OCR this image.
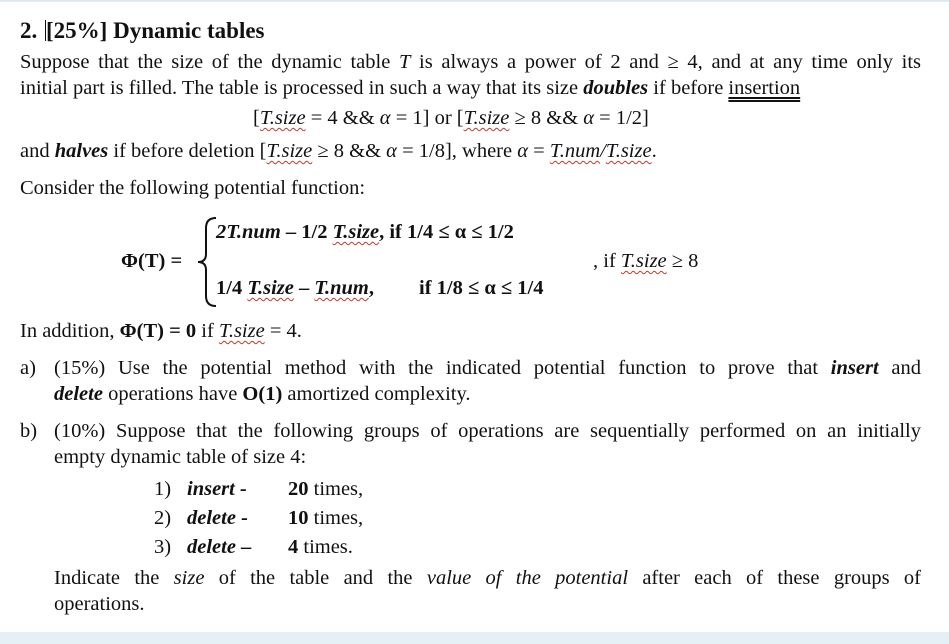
2. [25%] Dynamic tables
Suppose that the size of the dynamic table T is always a power of 2 and ≥ 4, and at any time only its
initial part is filled. The table is processed in such a way that its size doubles if before insertion
[T.size = 4 && α = 1] or [T.size ≥ 8 && α = 1/2]
and halves if before deletion [T.size ≥ 8 && α = 1/8], where α = T.num/T.size.
Consider the following potential function:
Φ(T) =
2T.num – 1/2 T.size, if 1/4 ≤ α ≤ 1/2
1/4 T.size – T.num, if 1/8 ≤ α ≤ 1/4
, if T.size ≥ 8
In addition, Φ(T) = 0 if T.size = 4.
a) (15%) Use the potential method with the indicated potential function to prove that insert and
delete operations have O(1) amortized complexity.
b) (10%) Suppose that the following groups of operations are sequentially performed on an initially
empty dynamic table of size 4:
1) insert - 20 times,
2) delete - 10 times,
3) delete – 4 times.
Indicate the size of the table and the value of the potential after each of these groups of
operations.
